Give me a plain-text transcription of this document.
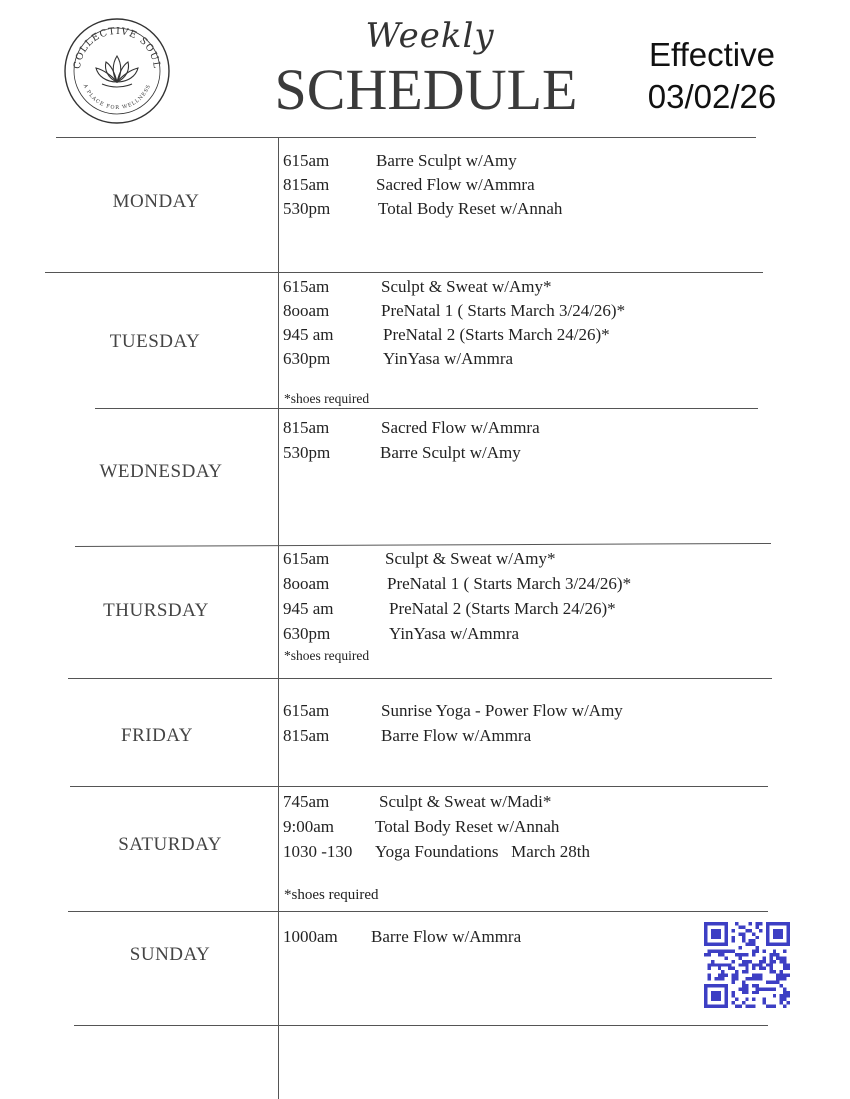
COLLECTIVE SOUL
A PLACE FOR WELLNESS
Weekly
SCHEDULE
Effective
03/02/26
MONDAY
615am	Barre Sculpt w/Amy
815am	Sacred Flow w/Ammra
530pm	Total Body Reset w/Annah
TUESDAY
615am	Sculpt & Sweat w/Amy*
8ooam	PreNatal 1 ( Starts March 3/24/26)*
945 am	PreNatal 2 (Starts March 24/26)*
630pm	YinYasa w/Ammra
*shoes required
WEDNESDAY
815am	Sacred Flow w/Ammra
530pm	Barre Sculpt w/Amy
THURSDAY
615am	Sculpt & Sweat w/Amy*
8ooam	PreNatal 1 ( Starts March 3/24/26)*
945 am	PreNatal 2 (Starts March 24/26)*
630pm	YinYasa w/Ammra
*shoes required
FRIDAY
615am	Sunrise Yoga - Power Flow w/Amy
815am	Barre Flow w/Ammra
SATURDAY
745am	Sculpt & Sweat w/Madi*
9:00am Total Body Reset w/Annah
1030 -130 Yoga Foundations   March 28th
*shoes required
SUNDAY
1000am Barre Flow w/Ammra
